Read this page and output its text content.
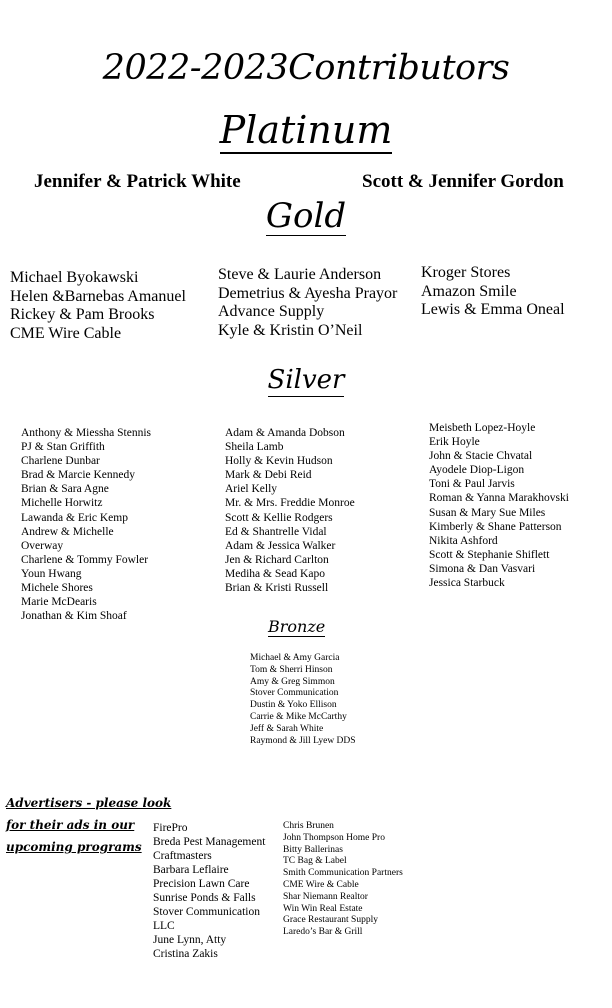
2022-2023Contributors
Platinum
Jennifer & Patrick White	Scott & Jennifer Gordon
Gold
Michael Byokawski
Helen &Barnebas Amanuel
Rickey & Pam Brooks
CME Wire Cable
Steve & Laurie Anderson
Demetrius & Ayesha Prayor
Advance Supply
Kyle & Kristin O’Neil
Kroger Stores
Amazon Smile
Lewis & Emma Oneal
Silver
Anthony & Miessha Stennis
PJ & Stan Griffith
Charlene Dunbar
Brad & Marcie Kennedy
Brian & Sara Agne
Michelle Horwitz
Lawanda & Eric Kemp
Andrew & Michelle
Overway
Charlene & Tommy Fowler
Youn Hwang
Michele Shores
Marie McDearis
Jonathan & Kim Shoaf
Adam & Amanda Dobson
Sheila Lamb
Holly & Kevin Hudson
Mark & Debi Reid
Ariel Kelly
Mr. & Mrs. Freddie Monroe
Scott & Kellie Rodgers
Ed & Shantrelle Vidal
Adam & Jessica Walker
Jen & Richard Carlton
Mediha & Sead Kapo
Brian & Kristi Russell
Meisbeth Lopez-Hoyle
Erik Hoyle
John & Stacie Chvatal
Ayodele Diop-Ligon
Toni & Paul Jarvis
Roman & Yanna Marakhovski
Susan & Mary Sue Miles
Kimberly & Shane Patterson
Nikita Ashford
Scott & Stephanie Shiflett
Simona & Dan Vasvari
Jessica Starbuck
Bronze
Michael & Amy Garcia
Tom & Sherri Hinson
Amy & Greg Simmon
Stover Communication
Dustin & Yoko Ellison
Carrie & Mike McCarthy
Jeff & Sarah White
Raymond & Jill Lyew DDS
Advertisers - please look
for their ads in our
upcoming programs
FirePro
Breda Pest Management
Craftmasters
Barbara Leflaire
Precision Lawn Care
Sunrise Ponds & Falls
Stover Communication
LLC
June Lynn, Atty
Cristina Zakis
Chris Brunen
John Thompson Home Pro
Bitty Ballerinas
TC Bag & Label
Smith Communication Partners
CME Wire & Cable
Shar Niemann Realtor
Win Win Real Estate
Grace Restaurant Supply
Laredo’s Bar & Grill
